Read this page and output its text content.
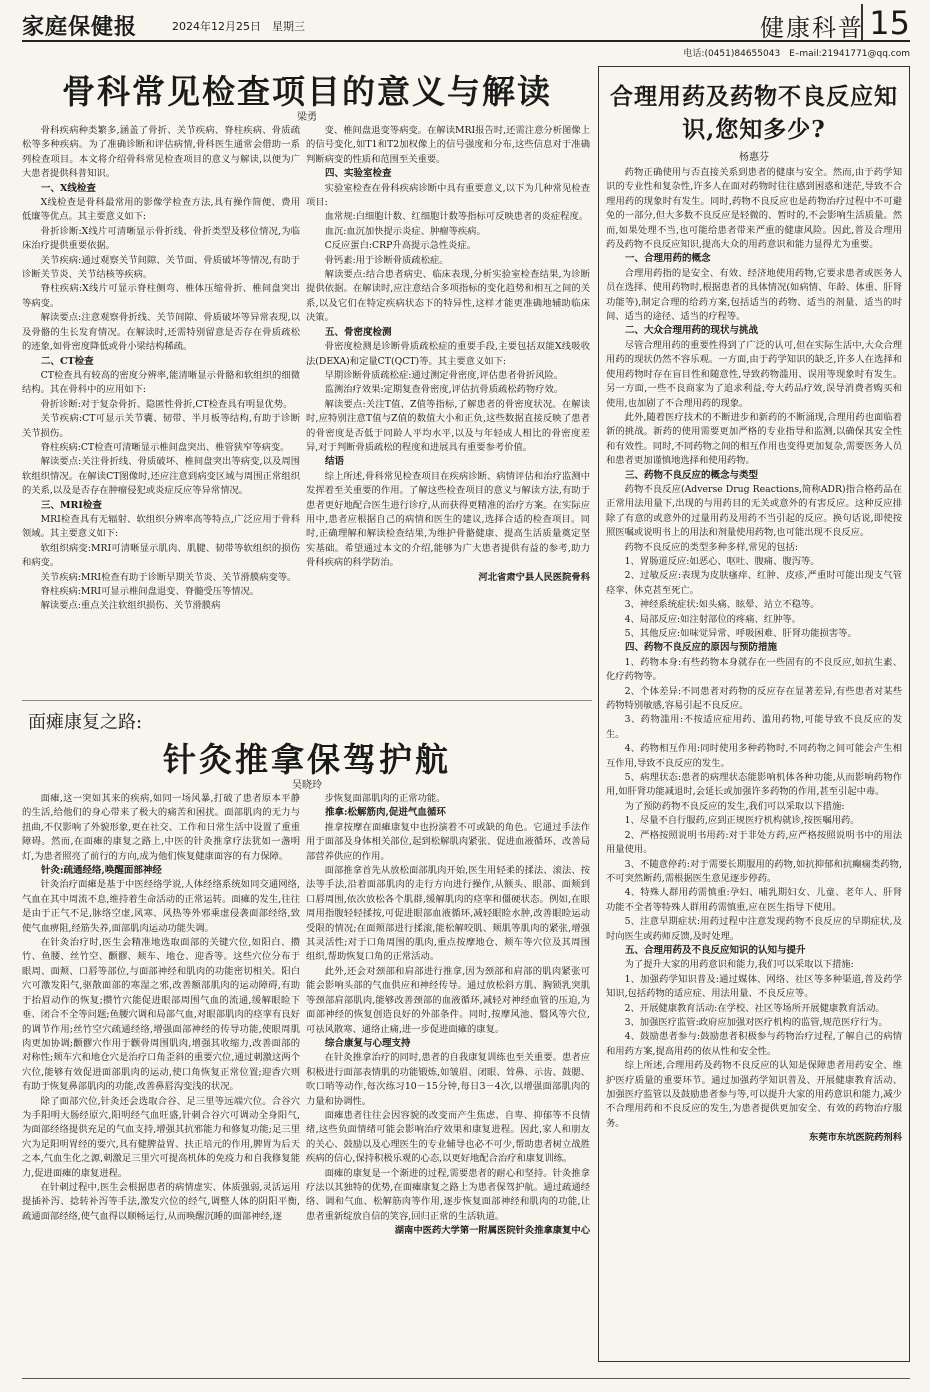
家庭保健报	2024年12月25日　星期三	健康科普 15
电话:(0451)84655043　E–mail:21941771@qq.com
骨科常见检查项目的意义与解读
梁勇

骨科疾病种类繁多,涵盖了骨折、关节疾病、脊柱疾病、骨质疏松等多种疾病。为了准确诊断和评估病情,骨科医生通常会借助一系列检查项目。本文将介绍骨科常见检查项目的意义与解读,以便为广大患者提供科普知识。

一、X线检查

X线检查是骨科最常用的影像学检查方法,具有操作简便、费用低廉等优点。其主要意义如下:

骨折诊断:X线片可清晰显示骨折线、骨折类型及移位情况,为临床治疗提供重要依据。

关节疾病:通过观察关节间隙、关节面、骨质破坏等情况,有助于诊断关节炎、关节结核等疾病。

脊柱疾病:X线片可显示脊柱侧弯、椎体压缩骨折、椎间盘突出等病变。

解读要点:注意观察骨折线、关节间隙、骨质破坏等异常表现,以及骨骼的生长发育情况。在解读时,还需特别留意是否存在骨质疏松的迹象,如骨密度降低或骨小梁结构稀疏。

二、CT检查

CT检查具有较高的密度分辨率,能清晰显示骨骼和软组织的细微结构。其在骨科中的应用如下:

骨折诊断:对于复杂骨折、隐匿性骨折,CT检查具有明显优势。

关节疾病:CT可显示关节囊、韧带、半月板等结构,有助于诊断关节损伤。

脊柱疾病:CT检查可清晰显示椎间盘突出、椎管狭窄等病变。

解读要点:关注骨折线、骨质破坏、椎间盘突出等病变,以及周围软组织情况。在解读CT图像时,还应注意到病变区域与周围正常组织的关系,以及是否存在肿瘤侵犯或炎症反应等异常情况。

三、MRI检查

MRI检查具有无辐射、软组织分辨率高等特点,广泛应用于骨科领域。其主要意义如下:

软组织病变:MRI可清晰显示肌肉、肌腱、韧带等软组织的损伤和病变。

关节疾病:MRI检查有助于诊断早期关节炎、关节滑膜病变等。

脊柱疾病:MRI可显示椎间盘退变、脊髓受压等情况。

解读要点:重点关注软组织损伤、关节滑膜病

变、椎间盘退变等病变。在解读MRI报告时,还需注意分析图像上的信号变化,如T1和T2加权像上的信号强度和分布,这些信息对于准确判断病变的性质和范围至关重要。

四、实验室检查

实验室检查在骨科疾病诊断中具有重要意义,以下为几种常见检查项目:

血常规:白细胞计数、红细胞计数等指标可反映患者的炎症程度。

血沉:血沉加快提示炎症、肿瘤等疾病。

C反应蛋白:CRP升高提示急性炎症。

骨钙素:用于诊断骨质疏松症。

解读要点:结合患者病史、临床表现,分析实验室检查结果,为诊断提供依据。在解读时,应注意结合多项指标的变化趋势和相互之间的关系,以及它们在特定疾病状态下的特异性,这样才能更准确地辅助临床决策。

五、骨密度检测

骨密度检测是诊断骨质疏松症的重要手段,主要包括双能X线吸收法(DEXA)和定量CT(QCT)等。其主要意义如下:

早期诊断骨质疏松症:通过测定骨密度,评估患者骨折风险。

监测治疗效果:定期复查骨密度,评估抗骨质疏松药物疗效。

解读要点:关注T值、Z值等指标,了解患者的骨密度状况。在解读时,应特别注意T值与Z值的数值大小和正负,这些数据直接反映了患者的骨密度是否低于同龄人平均水平,以及与年轻成人相比的骨密度差异,对于判断骨质疏松的程度和进展具有重要参考价值。

结语

综上所述,骨科常见检查项目在疾病诊断、病情评估和治疗监测中发挥着至关重要的作用。了解这些检查项目的意义与解读方法,有助于患者更好地配合医生进行诊疗,从而获得更精准的治疗方案。在实际应用中,患者应根据自己的病情和医生的建议,选择合适的检查项目。同时,正确理解和解读检查结果,为维护骨骼健康、提高生活质量奠定坚实基础。希望通过本文的介绍,能够为广大患者提供有益的参考,助力骨科疾病的科学防治。

河北省肃宁县人民医院骨科

面瘫康复之路:
针灸推拿保驾护航
吴晓玲

面瘫,这一突如其来的疾病,如同一场风暴,打破了患者原本平静的生活,给他们的身心带来了极大的痛苦和困扰。面部肌肉的无力与扭曲,不仅影响了外貌形象,更在社交、工作和日常生活中设置了重重障碍。然而,在面瘫的康复之路上,中医的针灸推拿疗法犹如一盏明灯,为患者照亮了前行的方向,成为他们恢复健康面容的有力保障。

针灸:疏通经络,唤醒面部神经

针灸治疗面瘫是基于中医经络学说,人体经络系统如同交通网络,气血在其中周流不息,维持着生命活动的正常运转。面瘫的发生,往往是由于正气不足,脉络空虚,风寒、风热等外邪乘虚侵袭面部经络,致使气血痹阻,经筋失养,面部肌肉运动功能失调。

在针灸治疗时,医生会精准地选取面部的关键穴位,如阳白、攒竹、鱼腰、丝竹空、颧髎、颊车、地仓、迎香等。这些穴位分布于眼周、面颊、口唇等部位,与面部神经和肌肉的功能密切相关。阳白穴可激发阳气,驱散面部的寒湿之邪,改善额部肌肉的运动障碍,有助于抬眉动作的恢复;攒竹穴能促进眼部周围气血的流通,缓解眼睑下垂、闭合不全等问题;鱼腰穴调和局部气血,对眼部肌肉的痉挛有良好的调节作用;丝竹空穴疏通经络,增强面部神经的传导功能,使眼周肌肉更加协调;颧髎穴作用于颧骨周围肌肉,增强其收缩力,改善面部的对称性;颊车穴和地仓穴是治疗口角歪斜的重要穴位,通过刺激这两个穴位,能够有效促进面部肌肉的运动,使口角恢复正常位置;迎香穴则有助于恢复鼻部肌肉的功能,改善鼻唇沟变浅的状况。

除了面部穴位,针灸还会选取合谷、足三里等远端穴位。合谷穴为手阳明大肠经原穴,阳明经气血旺盛,针刺合谷穴可调动全身阳气,为面部经络提供充足的气血支持,增强其抗邪能力和修复功能;足三里穴为足阳明胃经的要穴,具有健脾益胃、扶正培元的作用,脾胃为后天之本,气血生化之源,刺激足三里穴可提高机体的免疫力和自我修复能力,促进面瘫的康复进程。

在针刺过程中,医生会根据患者的病情虚实、体质强弱,灵活运用提插补泻、捻转补泻等手法,激发穴位的经气,调整人体的阴阳平衡,疏通面部经络,使气血得以顺畅运行,从而唤醒沉睡的面部神经,逐

步恢复面部肌肉的正常功能。

推拿:松解筋肉,促进气血循环

推拿按摩在面瘫康复中也扮演着不可或缺的角色。它通过手法作用于面部及身体相关部位,起到松解肌肉紧张、促进血液循环、改善局部营养供应的作用。

面部推拿首先从放松面部肌肉开始,医生用轻柔的揉法、滚法、按法等手法,沿着面部肌肉的走行方向进行操作,从额头、眼部、面颊到口唇周围,依次放松各个肌群,缓解肌肉的痉挛和僵硬状态。例如,在眼周用指腹轻轻揉按,可促进眼部血液循环,减轻眼睑水肿,改善眼睑运动受限的情况;在面颊部进行揉滚,能松解咬肌、颊肌等肌肉的紧张,增强其灵活性;对于口角周围的肌肉,重点按摩地仓、颊车等穴位及其周围组织,帮助恢复口角的正常活动。

此外,还会对颈部和肩部进行推拿,因为颈部和肩部的肌肉紧张可能会影响头部的气血供应和神经传导。通过放松斜方肌、胸锁乳突肌等颈部肩部肌肉,能够改善颈部的血液循环,减轻对神经血管的压迫,为面部神经的恢复创造良好的外部条件。同时,按摩风池、翳风等穴位,可祛风散寒、通络止痛,进一步促进面瘫的康复。

综合康复与心理支持

在针灸推拿治疗的同时,患者的自我康复训练也至关重要。患者应积极进行面部表情肌的功能锻炼,如皱眉、闭眼、耸鼻、示齿、鼓腮、吹口哨等动作,每次练习10－15分钟,每日3－4次,以增强面部肌肉的力量和协调性。

面瘫患者往往会因容貌的改变而产生焦虑、自卑、抑郁等不良情绪,这些负面情绪可能会影响治疗效果和康复进程。因此,家人和朋友的关心、鼓励以及心理医生的专业辅导也必不可少,帮助患者树立战胜疾病的信心,保持积极乐观的心态,以更好地配合治疗和康复训练。

面瘫的康复是一个渐进的过程,需要患者的耐心和坚持。针灸推拿疗法以其独特的优势,在面瘫康复之路上为患者保驾护航。通过疏通经络、调和气血、松解筋肉等作用,逐步恢复面部神经和肌肉的功能,让患者重新绽放自信的笑容,回归正常的生活轨道。

湖南中医药大学第一附属医院针灸推拿康复中心

合理用药及药物不良反应知识,您知多少?
杨惠芬

药物正确使用与否直接关系到患者的健康与安全。然而,由于药学知识的专业性和复杂性,许多人在面对药物时往往感到困惑和迷茫,导致不合理用药的现象时有发生。同时,药物不良反应也是药物治疗过程中不可避免的一部分,但大多数不良反应是轻微的、暂时的,不会影响生活质量。然而,如果处理不当,也可能给患者带来严重的健康风险。因此,普及合理用药及药物不良反应知识,提高大众的用药意识和能力显得尤为重要。

一、合理用药的概念

合理用药指的是安全、有效、经济地使用药物,它要求患者或医务人员在选择、使用药物时,根据患者的具体情况(如病情、年龄、体重、肝肾功能等),制定合理的给药方案,包括适当的药物、适当的剂量、适当的时间、适当的途径、适当的疗程等。

二、大众合理用药的现状与挑战

尽管合理用药的重要性得到了广泛的认可,但在实际生活中,大众合理用药的现状仍然不容乐观。一方面,由于药学知识的缺乏,许多人在选择和使用药物时存在盲目性和随意性,导致药物滥用、误用等现象时有发生。另一方面,一些不良商家为了追求利益,夸大药品疗效,误导消费者购买和使用,也加剧了不合理用药的现象。

此外,随着医疗技术的不断进步和新药的不断涌现,合理用药也面临着新的挑战。新药的使用需要更加严格的专业指导和监测,以确保其安全性和有效性。同时,不同药物之间的相互作用也变得更加复杂,需要医务人员和患者更加谨慎地选择和使用药物。

三、药物不良反应的概念与类型

药物不良反应(Adverse Drug Reactions,简称ADR)指合格药品在正常用法用量下,出现的与用药目的无关或意外的有害反应。这种反应排除了有意的或意外的过量用药及用药不当引起的反应。换句话说,即使按照医嘱或说明书上的用法和剂量使用药物,也可能出现不良反应。

药物不良反应的类型多种多样,常见的包括:

1、胃肠道反应:如恶心、呕吐、腹痛、腹泻等。

2、过敏反应:表现为皮肤瘙痒、红肿、皮疹,严重时可能出现支气管痉挛、休克甚至死亡。

3、神经系统症状:如头痛、眩晕、站立不稳等。

4、局部反应:如注射部位的疼痛、红肿等。

5、其他反应:如味觉异常、呼吸困难、肝肾功能损害等。

四、药物不良反应的原因与预防措施

1、药物本身:有些药物本身就存在一些固有的不良反应,如抗生素、化疗药物等。

2、个体差异:不同患者对药物的反应存在显著差异,有些患者对某些药物特别敏感,容易引起不良反应。

3、药物滥用:不按适应症用药、滥用药物,可能导致不良反应的发生。

4、药物相互作用:同时使用多种药物时,不同药物之间可能会产生相互作用,导致不良反应的发生。

5、病理状态:患者的病理状态能影响机体各种功能,从而影响药物作用,如肝肾功能减退时,会延长或加强许多药物的作用,甚至引起中毒。

为了预防药物不良反应的发生,我们可以采取以下措施:

1、尽量不自行服药,应到正规医疗机构就诊,按医嘱用药。

2、严格按照说明书用药:对于非处方药,应严格按照说明书中的用法用量使用。

3、不随意停药:对于需要长期服用的药物,如抗抑郁和抗癫痫类药物,不可突然断药,需根据医生意见逐步停药。

4、特殊人群用药需慎重:孕妇、哺乳期妇女、儿童、老年人、肝肾功能不全者等特殊人群用药需慎重,应在医生指导下使用。

5、注意早期症状:用药过程中注意发现药物不良反应的早期症状,及时向医生或药师反馈,及时处理。

五、合理用药及不良反应知识的认知与提升

为了提升大家的用药意识和能力,我们可以采取以下措施:

1、加强药学知识普及:通过媒体、网络、社区等多种渠道,普及药学知识,包括药物的适应症、用法用量、不良反应等。

2、开展健康教育活动:在学校、社区等场所开展健康教育活动。

3、加强医疗监管:政府应加强对医疗机构的监管,规范医疗行为。

4、鼓励患者参与:鼓励患者积极参与药物治疗过程,了解自己的病情和用药方案,提高用药的依从性和安全性。

综上所述,合理用药及药物不良反应的认知是保障患者用药安全、维护医疗质量的重要环节。通过加强药学知识普及、开展健康教育活动、加强医疗监管以及鼓励患者参与等,可以提升大家的用药意识和能力,减少不合理用药和不良反应的发生,为患者提供更加安全、有效的药物治疗服务。

东莞市东坑医院药剂科
